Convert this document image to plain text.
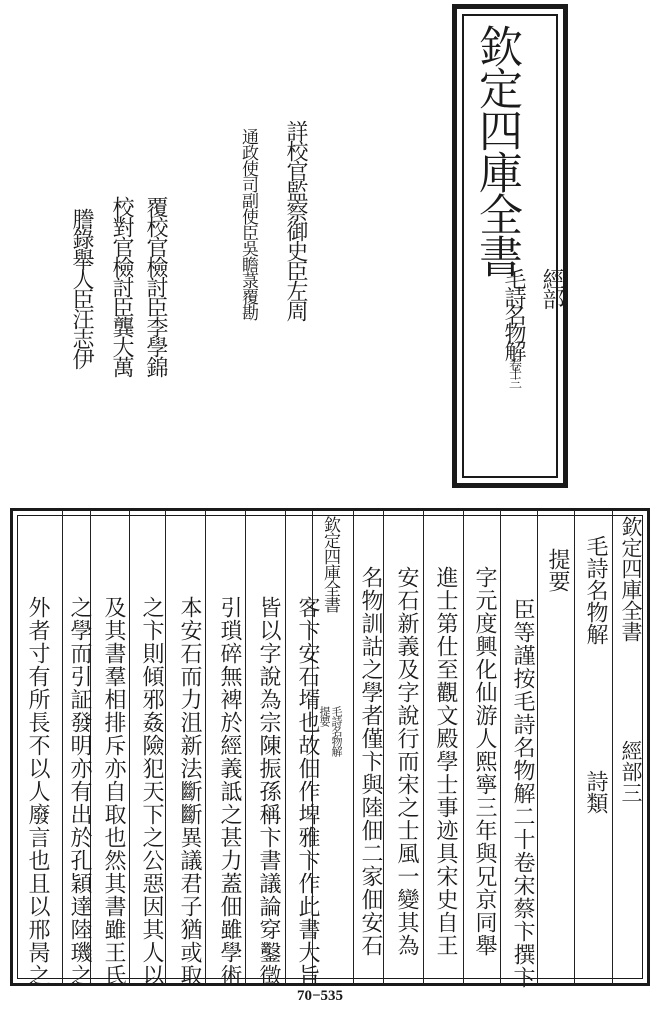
欽定四庫全書
經部
毛詩名物解卷十三
詳校官監察御史臣左周
通政使司副使臣吳瞻菉覆勘
覆校官檢討臣李學錦
校對官檢討臣龔大萬
謄錄舉人臣汪志伊
欽定四庫全書
經部三
毛詩名物解
詩類
提要
臣等謹按毛詩名物解二十卷宋蔡卞撰卞
字元度興化仙游人熙寧三年與兄京同舉
進士第仕至觀文殿學士事迹具宋史自王
安石新義及字說行而宋之士風一變其為
名物訓詁之學者僅卞與陸佃二家佃安石
欽定四庫全書
毛詩名物解
提要
客卞安石壻也故佃作埤雅卞作此書大旨
皆以字說為宗陳振孫稱卞書議論穿鑿徵
引瑣碎無裨於經義詆之甚力蓋佃雖學術
本安石而力沮新法斷斷異議君子猶或取
之卞則傾邪姦險犯天下之公惡因其人以
及其書羣相排斥亦自取也然其書雖王氏
之學而引証發明亦有出於孔穎達陸璣之
外者寸有所長不以人廢言也且以邢昺之
70−535
